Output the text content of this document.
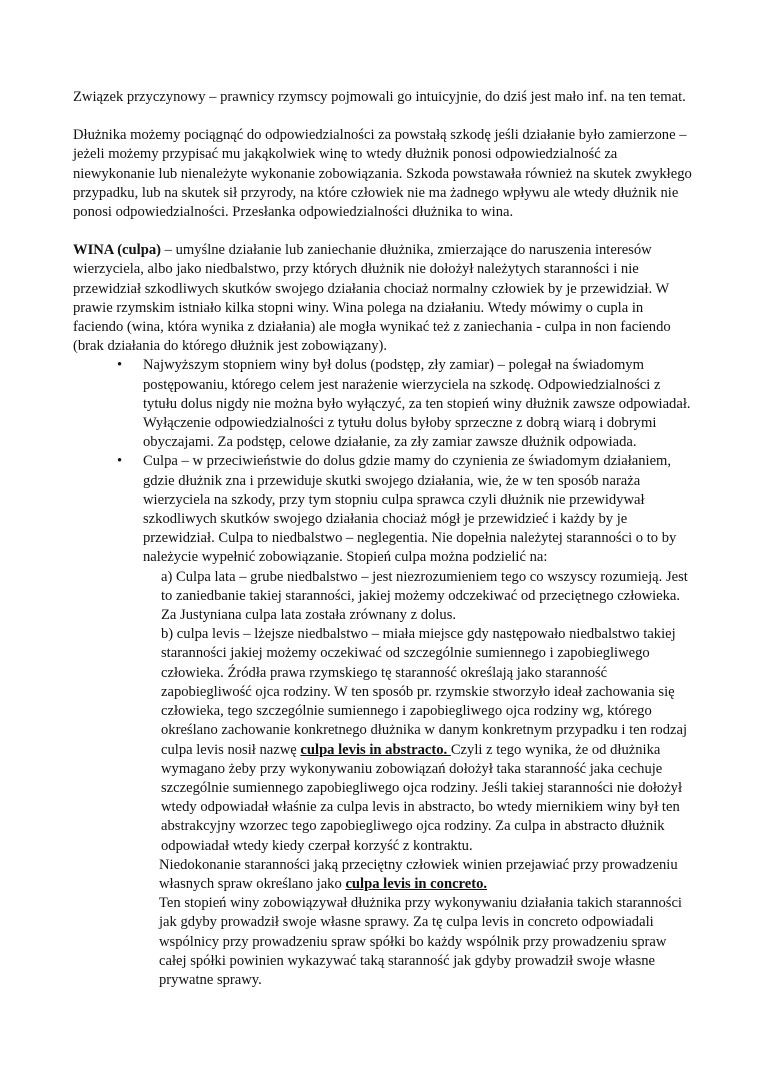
Związek przyczynowy – prawnicy rzymscy pojmowali go intuicyjnie, do dziś jest mało inf. na ten temat.

Dłużnika możemy pociągnąć do odpowiedzialności za powstałą szkodę jeśli działanie było zamierzone – jeżeli możemy przypisać mu jakąkolwiek winę to wtedy dłużnik ponosi odpowiedzialność za niewykonanie lub nienależyte wykonanie zobowiązania. Szkoda powstawała również na skutek zwykłego przypadku, lub na skutek sił przyrody, na które człowiek nie ma żadnego wpływu ale wtedy dłużnik nie ponosi odpowiedzialności. Przesłanka odpowiedzialności dłużnika to wina.

WINA (culpa) – umyślne działanie lub zaniechanie dłużnika, zmierzające do naruszenia interesów wierzyciela, albo jako niedbalstwo, przy których dłużnik nie dołożył należytych staranności i nie przewidział szkodliwych skutków swojego działania chociaż normalny człowiek by je przewidział. W prawie rzymskim istniało kilka stopni winy. Wina polega na działaniu. Wtedy mówimy o cupla in faciendo (wina, która wynika z działania) ale mogła wynikać też z zaniechania - culpa in non faciendo (brak działania do którego dłużnik jest zobowiązany).

• Najwyższym stopniem winy był dolus (podstęp, zły zamiar) – polegał na świadomym postępowaniu, którego celem jest narażenie wierzyciela na szkodę. Odpowiedzialności z tytułu dolus nigdy nie można było wyłączyć, za ten stopień winy dłużnik zawsze odpowiadał. Wyłączenie odpowiedzialności z tytułu dolus byłoby sprzeczne z dobrą wiarą i dobrymi obyczajami. Za podstęp, celowe działanie, za zły zamiar zawsze dłużnik odpowiada.
• Culpa – w przeciwieństwie do dolus gdzie mamy do czynienia ze świadomym działaniem, gdzie dłużnik zna i przewiduje skutki swojego działania, wie, że w ten sposób naraża wierzyciela na szkody, przy tym stopniu culpa sprawca czyli dłużnik nie przewidywał szkodliwych skutków swojego działania chociaż mógł je przewidzieć i każdy by je przewidział. Culpa to niedbalstwo – neglegentia. Nie dopełnia należytej staranności o to by należycie wypełnić zobowiązanie. Stopień culpa można podzielić na:

a) Culpa lata – grube niedbalstwo – jest niezrozumieniem tego co wszyscy rozumieją. Jest to zaniedbanie takiej staranności, jakiej możemy odczekiwać od przeciętnego człowieka. Za Justyniana culpa lata została zrównany z dolus.

b) culpa levis – lżejsze niedbalstwo – miała miejsce gdy następowało niedbalstwo takiej staranności jakiej możemy oczekiwać od szczególnie sumiennego i zapobiegliwego człowieka. Źródła prawa rzymskiego tę staranność określają jako staranność zapobiegliwość ojca rodziny. W ten sposób pr. rzymskie stworzyło ideał zachowania się człowieka, tego szczególnie sumiennego i zapobiegliwego ojca rodziny wg, którego określano zachowanie konkretnego dłużnika w danym konkretnym przypadku i ten rodzaj culpa levis nosił nazwę culpa levis in abstracto. Czyli z tego wynika, że od dłużnika wymagano żeby przy wykonywaniu zobowiązań dołożył taka staranność jaka cechuje szczególnie sumiennego zapobiegliwego ojca rodziny. Jeśli takiej staranności nie dołożył wtedy odpowiadał właśnie za culpa levis in abstracto, bo wtedy miernikiem winy był ten abstrakcyjny wzorzec tego zapobiegliwego ojca rodziny. Za culpa in abstracto dłużnik odpowiadał wtedy kiedy czerpał korzyść z kontraktu.

Niedokonanie staranności jaką przeciętny człowiek winien przejawiać przy prowadzeniu własnych spraw określano jako culpa levis in concreto.
Ten stopień winy zobowiązywał dłużnika przy wykonywaniu działania takich staranności jak gdyby prowadził swoje własne sprawy. Za tę culpa levis in concreto odpowiadali wspólnicy przy prowadzeniu spraw spółki bo każdy wspólnik przy prowadzeniu spraw całej spółki powinien wykazywać taką staranność jak gdyby prowadził swoje własne prywatne sprawy.
